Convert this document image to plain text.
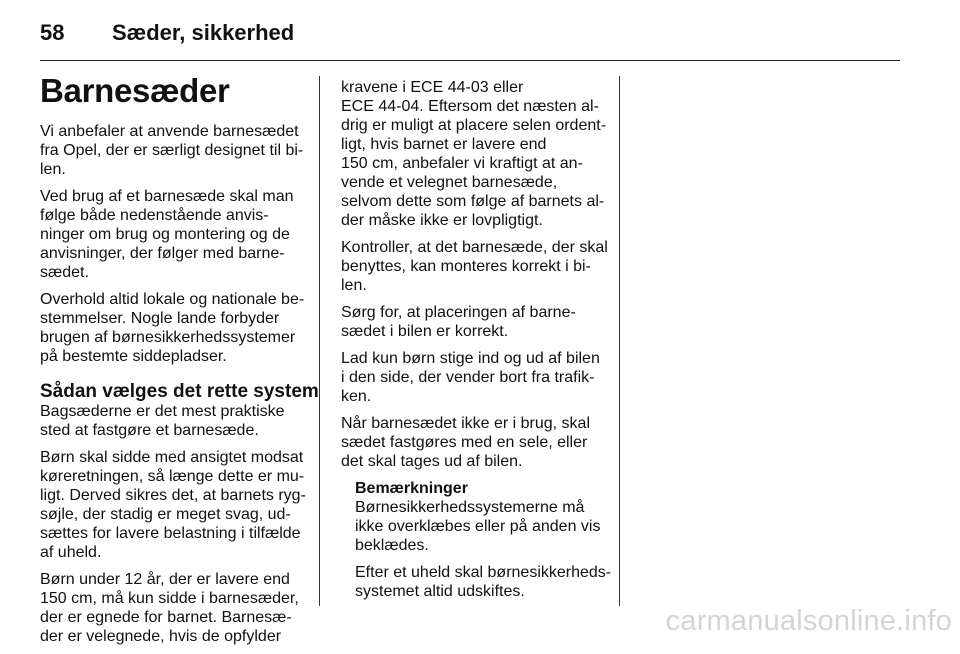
58 Sæder, sikkerhed
Barnesæder

Vi anbefaler at anvende barnesædet
fra Opel, der er særligt designet til bi-
len.

Ved brug af et barnesæde skal man
følge både nedenstående anvis-
ninger om brug og montering og de
anvisninger, der følger med barne-
sædet.

Overhold altid lokale og nationale be-
stemmelser. Nogle lande forbyder
brugen af børnesikkerhedssystemer
på bestemte siddepladser.

Sådan vælges det rette system

Bagsæderne er det mest praktiske
sted at fastgøre et barnesæde.

Børn skal sidde med ansigtet modsat
køreretningen, så længe dette er mu-
ligt. Derved sikres det, at barnets ryg-
søjle, der stadig er meget svag, ud-
sættes for lavere belastning i tilfælde
af uheld.

Børn under 12 år, der er lavere end
150 cm, må kun sidde i barnesæder,
der er egnede for barnet. Barnesæ-
der er velegnede, hvis de opfylder

kravene i ECE 44-03 eller
ECE 44-04. Eftersom det næsten al-
drig er muligt at placere selen ordent-
ligt, hvis barnet er lavere end
150 cm, anbefaler vi kraftigt at an-
vende et velegnet barnesæde,
selvom dette som følge af barnets al-
der måske ikke er lovpligtigt.

Kontroller, at det barnesæde, der skal
benyttes, kan monteres korrekt i bi-
len.

Sørg for, at placeringen af barne-
sædet i bilen er korrekt.

Lad kun børn stige ind og ud af bilen
i den side, der vender bort fra trafik-
ken.

Når barnesædet ikke er i brug, skal
sædet fastgøres med en sele, eller
det skal tages ud af bilen.

Bemærkninger

Børnesikkerhedssystemerne må
ikke overklæbes eller på anden vis
beklædes.

Efter et uheld skal børnesikkerheds-
systemet altid udskiftes.

carmanualsonline.info
